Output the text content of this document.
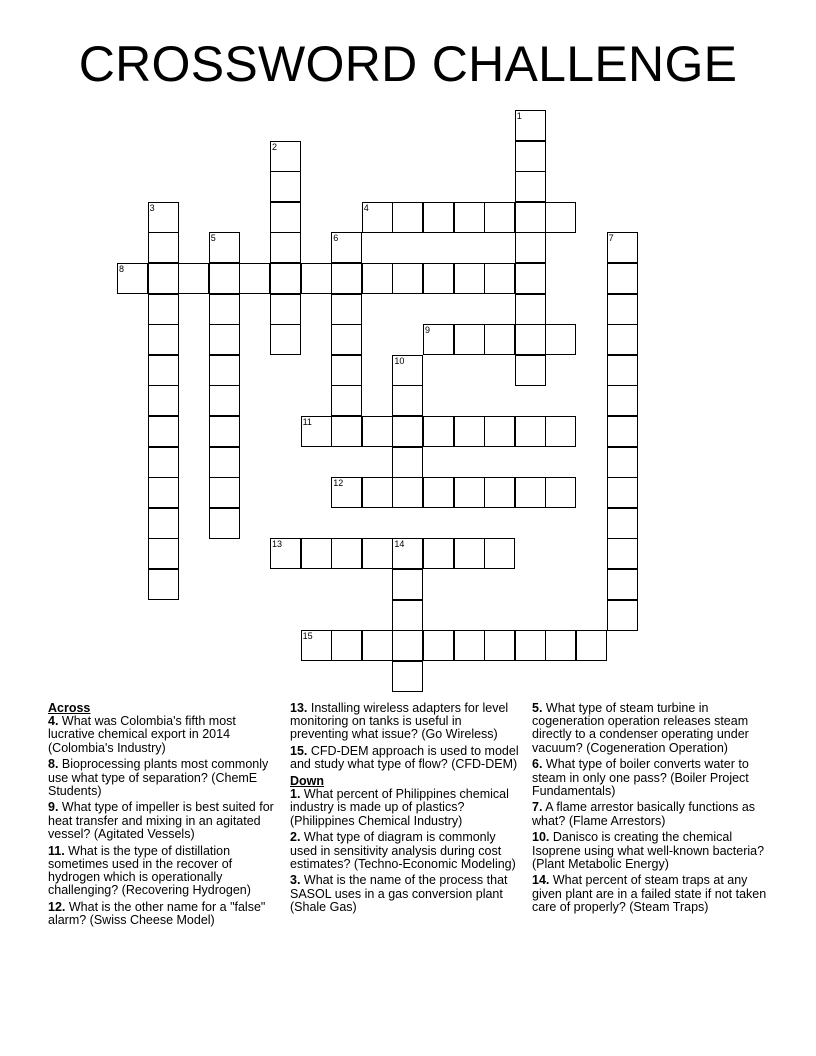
CROSSWORD CHALLENGE
1
2
3	4
5	6	7
8
9
10
11
12
13	14
15
Across
4. What was Colombia's fifth most lucrative chemical export in 2014 (Colombia's Industry)
8. Bioprocessing plants most commonly use what type of separation? (ChemE Students)
9. What type of impeller is best suited for heat transfer and mixing in an agitated vessel? (Agitated Vessels)
11. What is the type of distillation sometimes used in the recover of hydrogen which is operationally challenging? (Recovering Hydrogen)
12. What is the other name for a "false" alarm? (Swiss Cheese Model)
13. Installing wireless adapters for level monitoring on tanks is useful in preventing what issue? (Go Wireless)
15. CFD-DEM approach is used to model and study what type of flow? (CFD-DEM)
Down
1. What percent of Philippines chemical industry is made up of plastics? (Philippines Chemical Industry)
2. What type of diagram is commonly used in sensitivity analysis during cost estimates? (Techno-Economic Modeling)
3. What is the name of the process that SASOL uses in a gas conversion plant (Shale Gas)
5. What type of steam turbine in cogeneration operation releases steam directly to a condenser operating under vacuum? (Cogeneration Operation)
6. What type of boiler converts water to steam in only one pass? (Boiler Project Fundamentals)
7. A flame arrestor basically functions as what? (Flame Arrestors)
10. Danisco is creating the chemical Isoprene using what well-known bacteria? (Plant Metabolic Energy)
14. What percent of steam traps at any given plant are in a failed state if not taken care of properly? (Steam Traps)
